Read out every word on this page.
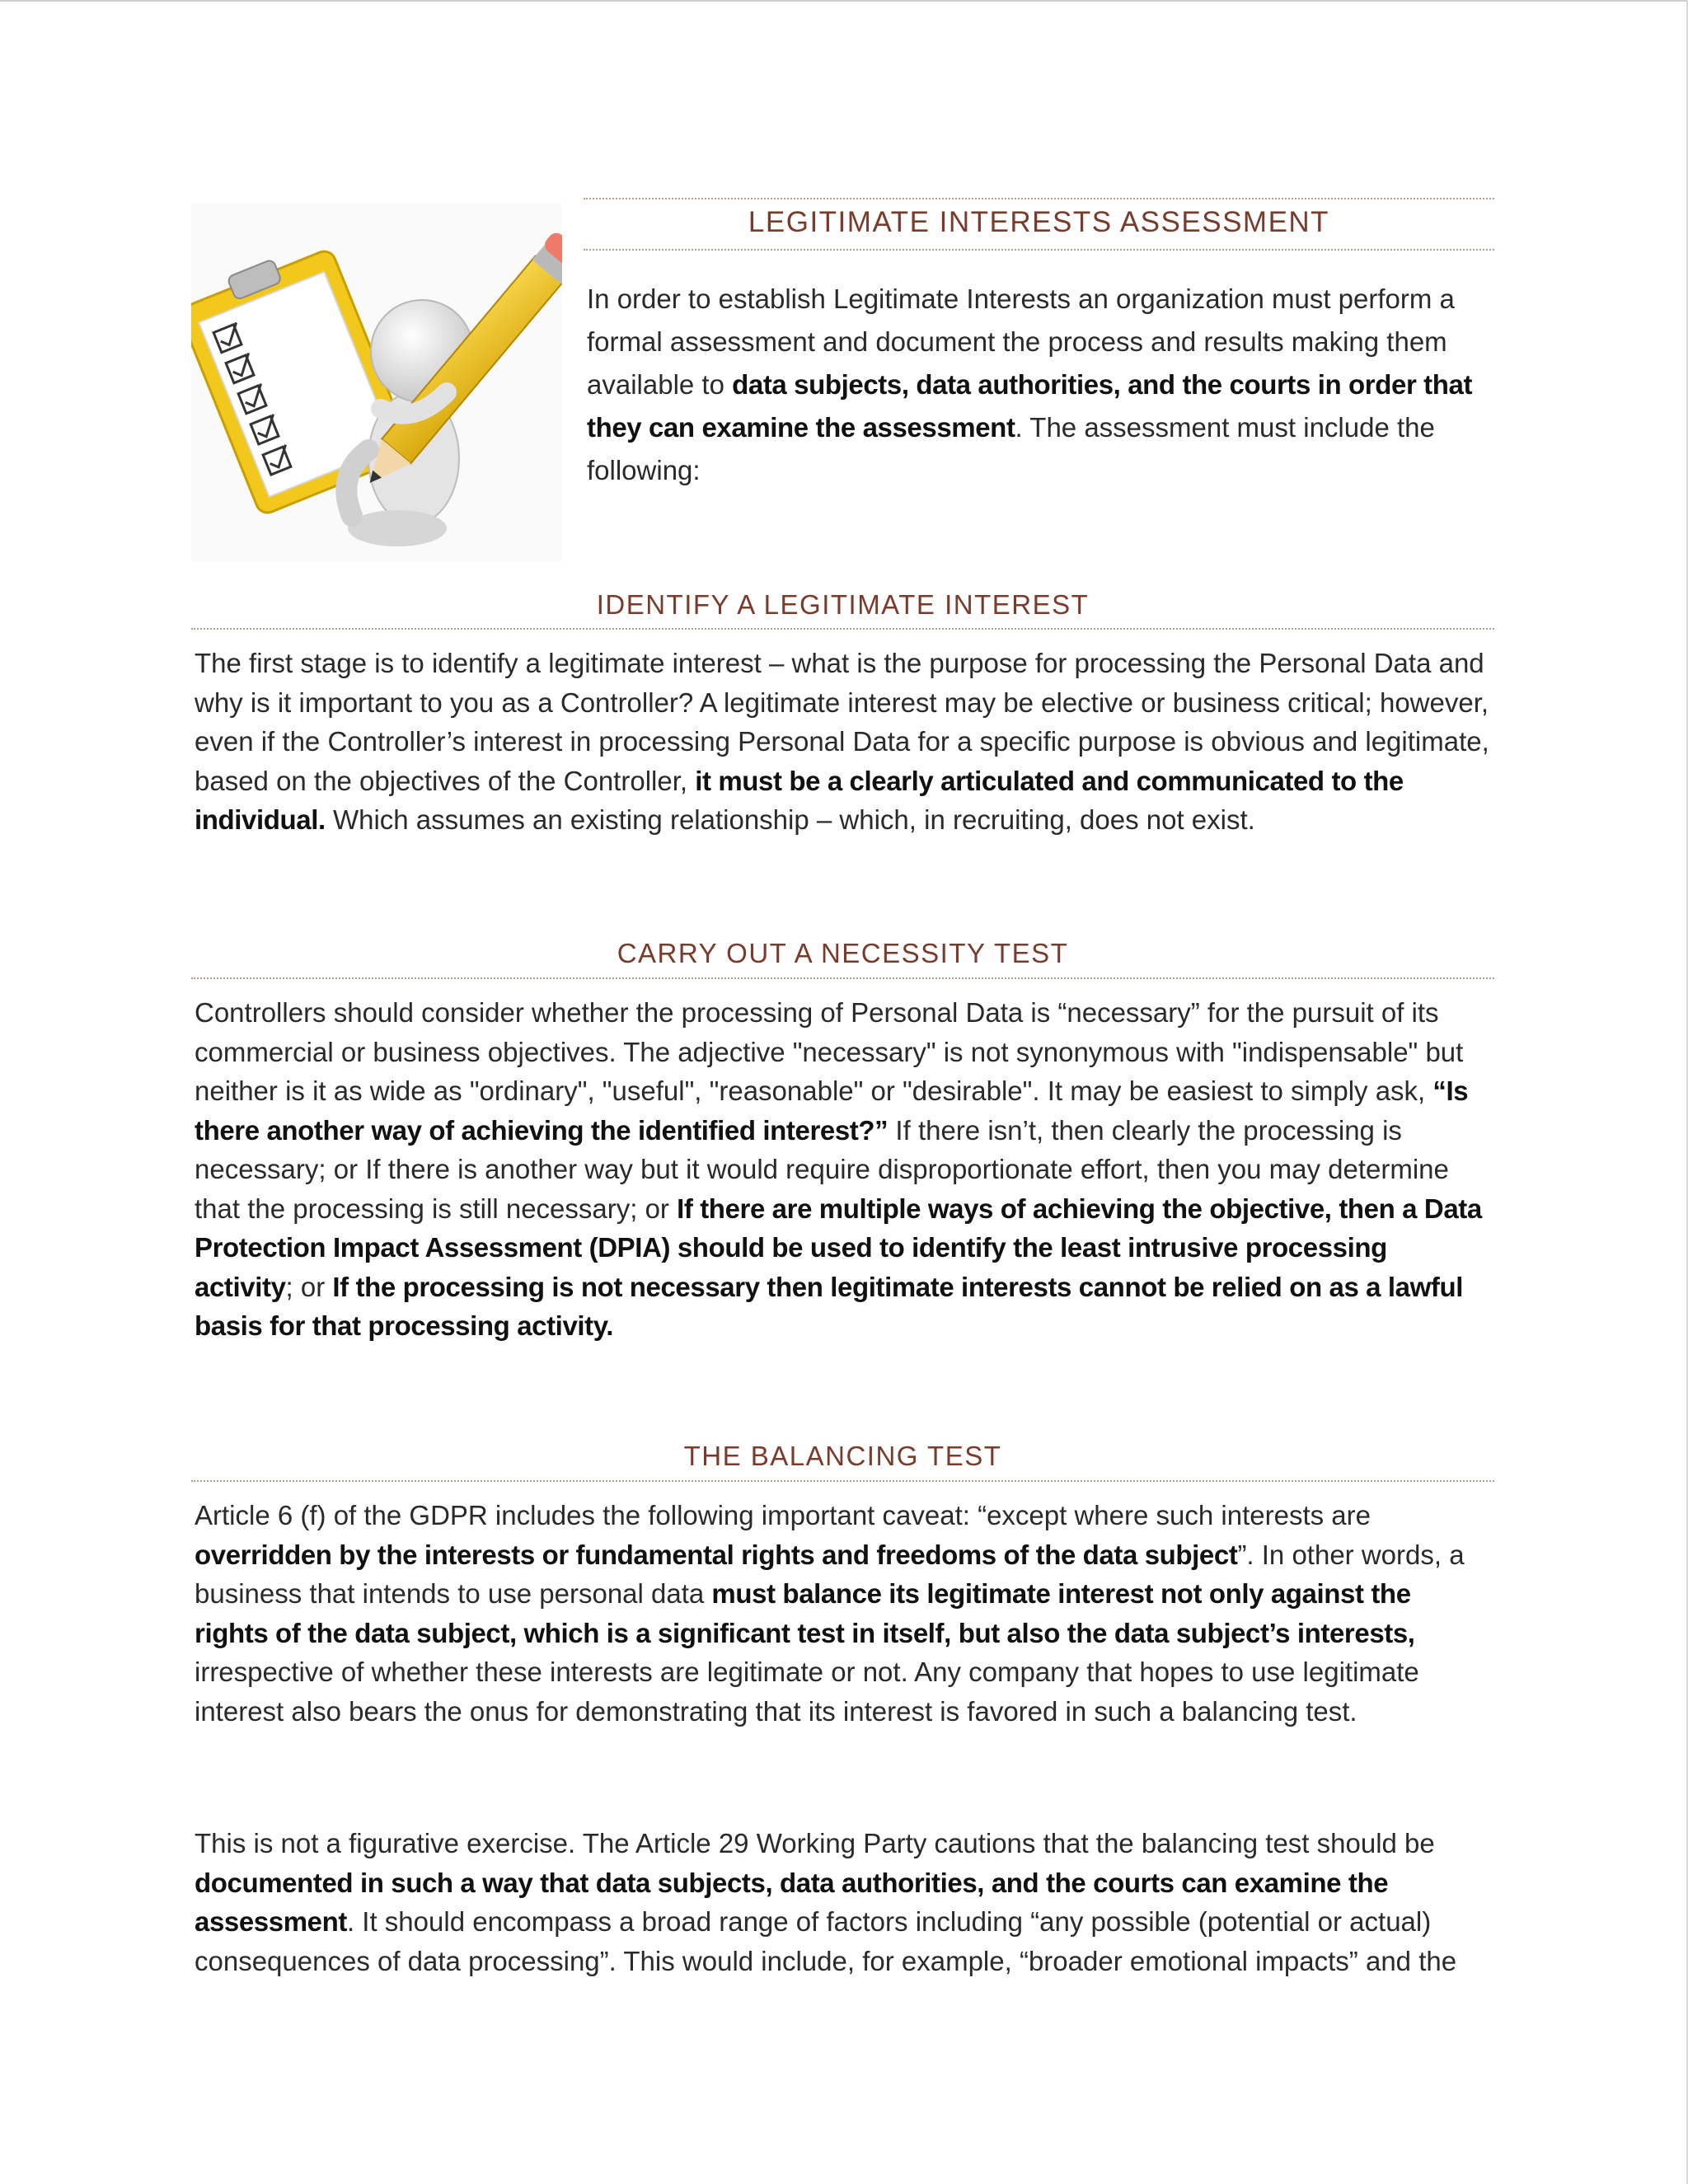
LEGITIMATE INTERESTS ASSESSMENT

In order to establish Legitimate Interests an organization must perform a formal assessment and document the process and results making them available to data subjects, data authorities, and the courts in order that they can examine the assessment. The assessment must include the following:

IDENTIFY A LEGITIMATE INTEREST

The first stage is to identify a legitimate interest – what is the purpose for processing the Personal Data and why is it important to you as a Controller? A legitimate interest may be elective or business critical; however, even if the Controller’s interest in processing Personal Data for a specific purpose is obvious and legitimate, based on the objectives of the Controller, it must be a clearly articulated and communicated to the individual. Which assumes an existing relationship – which, in recruiting, does not exist.

CARRY OUT A NECESSITY TEST

Controllers should consider whether the processing of Personal Data is “necessary” for the pursuit of its commercial or business objectives. The adjective "necessary" is not synonymous with "indispensable" but neither is it as wide as "ordinary", "useful", "reasonable" or "desirable". It may be easiest to simply ask, “Is there another way of achieving the identified interest?” If there isn’t, then clearly the processing is necessary; or If there is another way but it would require disproportionate effort, then you may determine that the processing is still necessary; or If there are multiple ways of achieving the objective, then a Data Protection Impact Assessment (DPIA) should be used to identify the least intrusive processing activity; or If the processing is not necessary then legitimate interests cannot be relied on as a lawful basis for that processing activity.

THE BALANCING TEST

Article 6 (f) of the GDPR includes the following important caveat: “except where such interests are overridden by the interests or fundamental rights and freedoms of the data subject”. In other words, a business that intends to use personal data must balance its legitimate interest not only against the rights of the data subject, which is a significant test in itself, but also the data subject’s interests, irrespective of whether these interests are legitimate or not. Any company that hopes to use legitimate interest also bears the onus for demonstrating that its interest is favored in such a balancing test.

This is not a figurative exercise. The Article 29 Working Party cautions that the balancing test should be documented in such a way that data subjects, data authorities, and the courts can examine the assessment. It should encompass a broad range of factors including “any possible (potential or actual) consequences of data processing”. This would include, for example, “broader emotional impacts” and the
